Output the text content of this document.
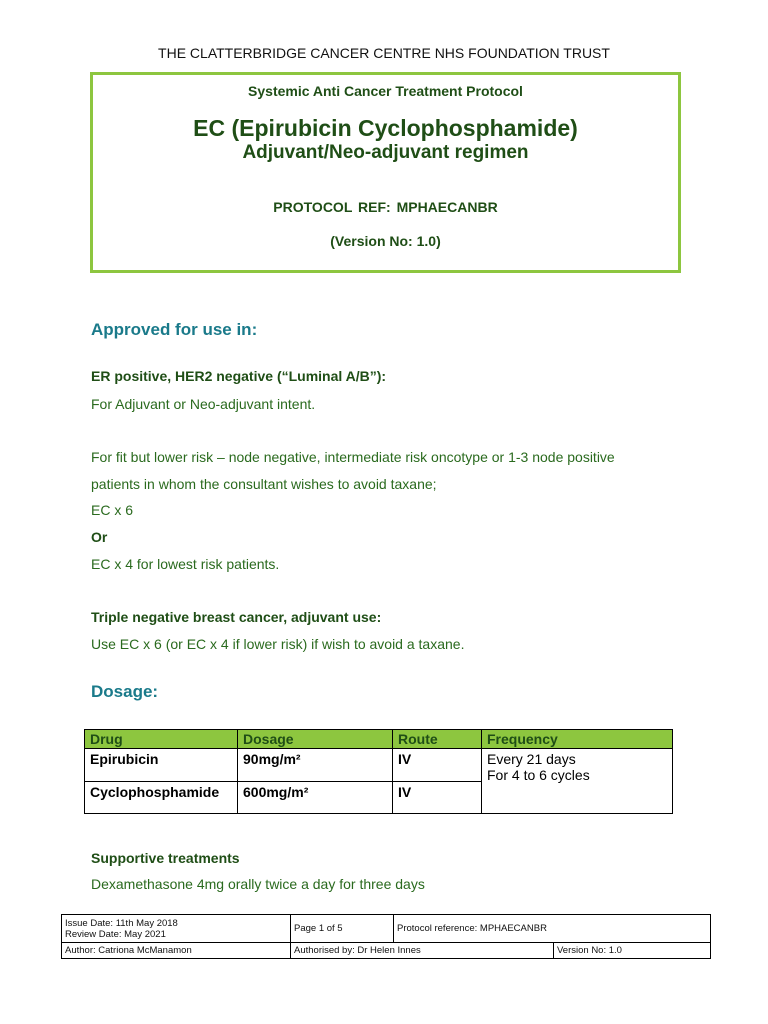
THE CLATTERBRIDGE CANCER CENTRE NHS FOUNDATION TRUST
Systemic Anti Cancer Treatment Protocol
EC (Epirubicin Cyclophosphamide)
Adjuvant/Neo-adjuvant regimen
PROTOCOL REF: MPHAECANBR
(Version No: 1.0)
Approved for use in:
ER positive, HER2 negative (“Luminal A/B”):
For Adjuvant or Neo-adjuvant intent.
For fit but lower risk – node negative, intermediate risk oncotype or 1-3 node positive
patients in whom the consultant wishes to avoid taxane;
EC x 6
Or
EC x 4 for lowest risk patients.
Triple negative breast cancer, adjuvant use:
Use EC x 6 (or EC x 4 if lower risk) if wish to avoid a taxane.
Dosage:
Drug	Dosage	Route	Frequency
Epirubicin	90mg/m²	IV	Every 21 days
For 4 to 6 cycles

Cyclophosphamide	600mg/m²	IV	
Supportive treatments
Dexamethasone 4mg orally twice a day for three days
Issue Date: 11th May 2018
Review Date: May 2021	Page 1 of 5	Protocol reference: MPHAECANBR	
Author: Catriona McManamon	Authorised by: Dr Helen Innes		Version No: 1.0
